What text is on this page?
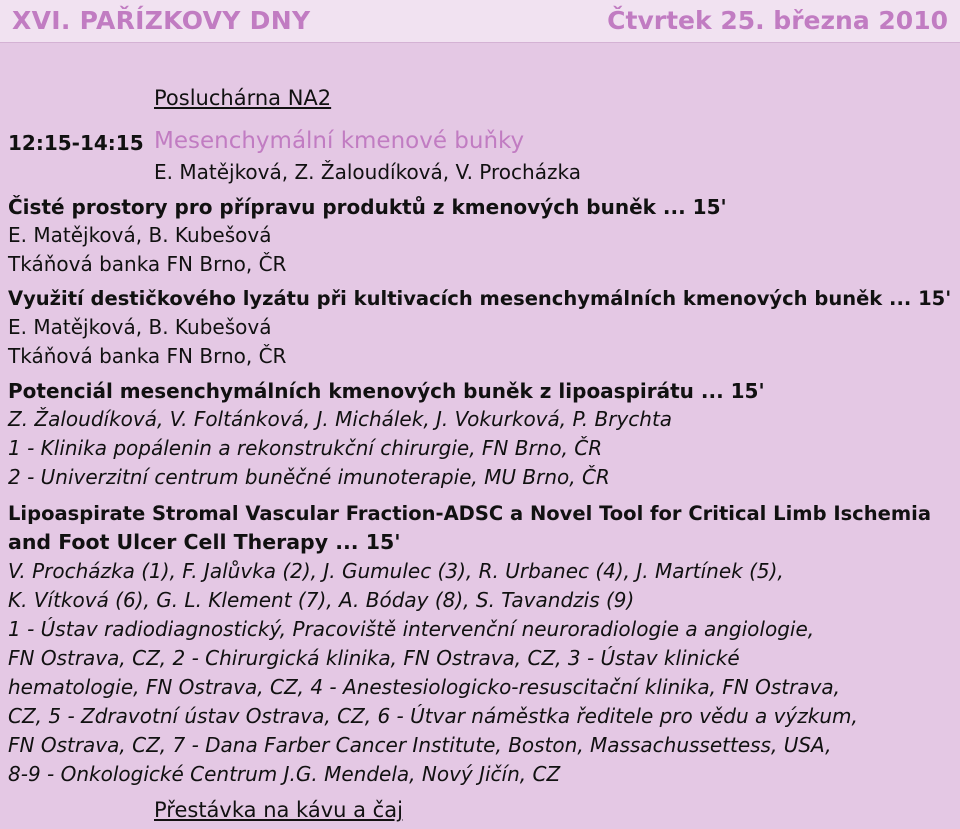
XVI. PAŘÍZKOVY DNY	Čtvrtek 25. března 2010
Posluchárna NA2
12:15-14:15 Mesenchymální kmenové buňky
E. Matějková, Z. Žaloudíková, V. Procházka
Čisté prostory pro přípravu produktů z kmenových buněk ... 15'
E. Matějková, B. Kubešová
Tkáňová banka FN Brno, ČR
Využití destičkového lyzátu při kultivacích mesenchymálních kmenových buněk ... 15'
E. Matějková, B. Kubešová
Tkáňová banka FN Brno, ČR
Potenciál mesenchymálních kmenových buněk z lipoaspirátu ... 15'
Z. Žaloudíková, V. Foltánková, J. Michálek, J. Vokurková, P. Brychta
1 - Klinika popálenin a rekonstrukční chirurgie, FN Brno, ČR
2 - Univerzitní centrum buněčné imunoterapie, MU Brno, ČR
Lipoaspirate Stromal Vascular Fraction-ADSC a Novel Tool for Critical Limb Ischemia
and Foot Ulcer Cell Therapy ... 15'
V. Procházka (1), F. Jalůvka (2), J. Gumulec (3), R. Urbanec (4), J. Martínek (5),
K. Vítková (6), G. L. Klement (7), A. Bóday (8), S. Tavandzis (9)
1 - Ústav radiodiagnostický, Pracoviště intervenční neuroradiologie a angiologie,
FN Ostrava, CZ, 2 - Chirurgická klinika, FN Ostrava, CZ, 3 - Ústav klinické
hematologie, FN Ostrava, CZ, 4 - Anestesiologicko-resuscitační klinika, FN Ostrava,
CZ, 5 - Zdravotní ústav Ostrava, CZ, 6 - Útvar náměstka ředitele pro vědu a výzkum,
FN Ostrava, CZ, 7 - Dana Farber Cancer Institute, Boston, Massachussettess, USA,
8-9 - Onkologické Centrum J.G. Mendela, Nový Jičín, CZ
Přestávka na kávu a čaj
